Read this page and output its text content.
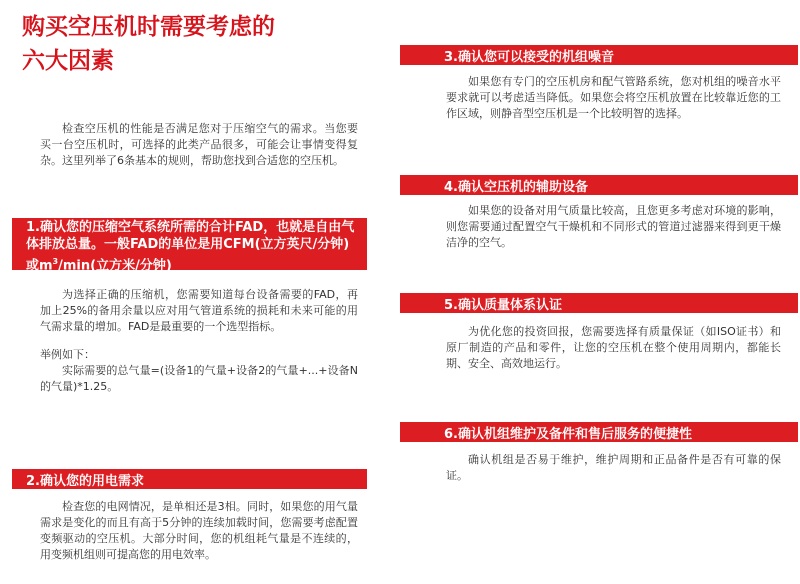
购买空压机时需要考虑的
六大因素

检查空压机的性能是否满足您对于压缩空气的需求。当您要买一台空压机时，可选择的此类产品很多，可能会让事情变得复杂。这里列举了6条基本的规则，帮助您找到合适您的空压机。

1.确认您的压缩空气系统所需的合计FAD，也就是自由气体排放总量。一般FAD的单位是用CFM(立方英尺/分钟)或$m^3/\min$(立方米/分钟)

为选择正确的压缩机，您需要知道每台设备需要的FAD，再加上25%的备用余量以应对用气管道系统的损耗和未来可能的用气需求量的增加。FAD是最重要的一个选型指标。

举例如下：

实际需要的总气量=(设备1的气量+设备2的气量+...+设备N的气量)*1.25。

2.确认您的用电需求

检查您的电网情况，是单相还是3相。同时，如果您的用气量需求是变化的而且有高于5分钟的连续加载时间，您需要考虑配置变频驱动的空压机。大部分时间，您的机组耗气量是不连续的，用变频机组则可提高您的用电效率。

3.确认您可以接受的机组噪音

如果您有专门的空压机房和配气管路系统，您对机组的噪音水平要求就可以考虑适当降低。如果您会将空压机放置在比较靠近您的工作区域，则静音型空压机是一个比较明智的选择。

4.确认空压机的辅助设备

如果您的设备对用气质量比较高，且您更多考虑对环境的影响，则您需要通过配置空气干燥机和不同形式的管道过滤器来得到更干燥洁净的空气。

5.确认质量体系认证

为优化您的投资回报，您需要选择有质量保证（如ISO证书）和原厂制造的产品和零件，让您的空压机在整个使用周期内，都能长期、安全、高效地运行。

6.确认机组维护及备件和售后服务的便捷性

确认机组是否易于维护，维护周期和正品备件是否有可靠的保证。
